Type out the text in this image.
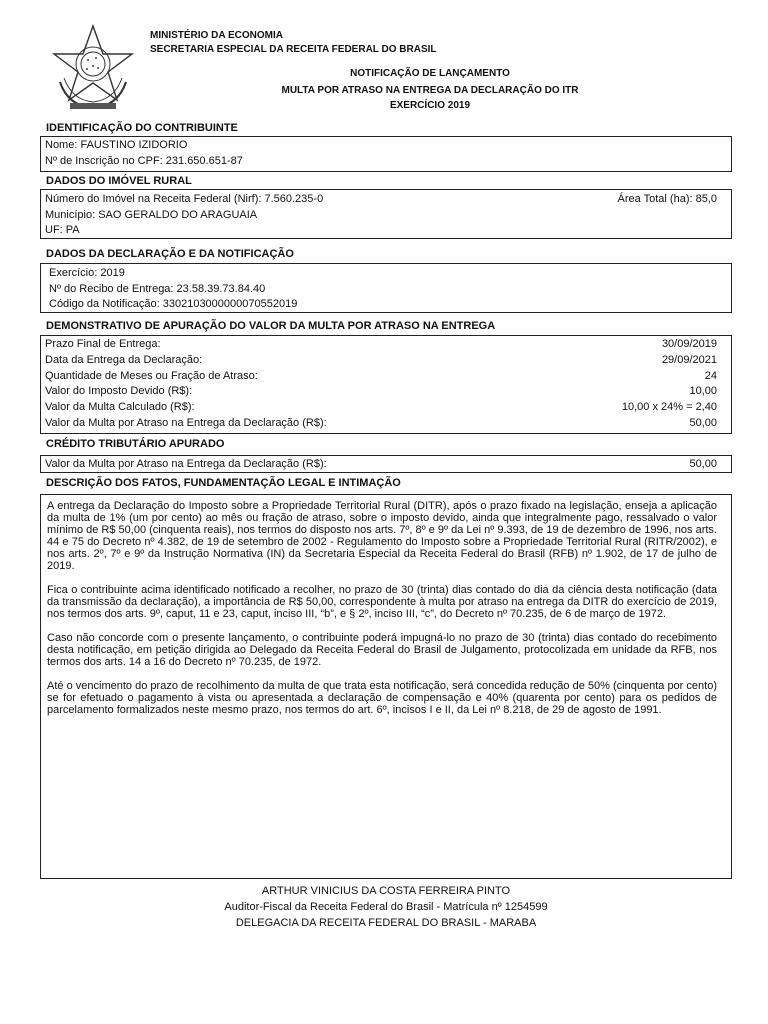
MINISTÉRIO DA ECONOMIA
SECRETARIA ESPECIAL DA RECEITA FEDERAL DO BRASIL
NOTIFICAÇÃO DE LANÇAMENTO
MULTA POR ATRASO NA ENTREGA DA DECLARAÇÃO DO ITR
EXERCÍCIO 2019
IDENTIFICAÇÃO DO CONTRIBUINTE
Nome: FAUSTINO IZIDORIO
Nº de Inscrição no CPF: 231.650.651-87
DADOS DO IMÓVEL RURAL
Número do Imóvel na Receita Federal (Nirf): 7.560.235-0	Área Total (ha): 85,0
Município: SAO GERALDO DO ARAGUAIA
UF: PA
DADOS DA DECLARAÇÃO E DA NOTIFICAÇÃO
Exercício: 2019
Nº do Recibo de Entrega: 23.58.39.73.84.40
Código da Notificação: 3302103000000070552019
DEMONSTRATIVO DE APURAÇÃO DO VALOR DA MULTA POR ATRASO NA ENTREGA
Prazo Final de Entrega:	30/09/2019
Data da Entrega da Declaração:	29/09/2021
Quantidade de Meses ou Fração de Atraso:	24
Valor do Imposto Devido (R$):	10,00
Valor da Multa Calculado (R$):	10,00 x 24% = 2,40
Valor da Multa por Atraso na Entrega da Declaração (R$):	50,00
CRÉDITO TRIBUTÁRIO APURADO
Valor da Multa por Atraso na Entrega da Declaração (R$):	50,00
DESCRIÇÃO DOS FATOS, FUNDAMENTAÇÃO LEGAL E INTIMAÇÃO

A entrega da Declaração do Imposto sobre a Propriedade Territorial Rural (DITR), após o prazo fixado na legislação, enseja a aplicação da multa de 1% (um por cento) ao mês ou fração de atraso, sobre o imposto devido, ainda que integralmente pago, ressalvado o valor mínimo de R$ 50,00 (cinquenta reais), nos termos do disposto nos arts. 7º, 8º e 9º da Lei nº 9.393, de 19 de dezembro de 1996, nos arts. 44 e 75 do Decreto nº 4.382, de 19 de setembro de 2002 - Regulamento do Imposto sobre a Propriedade Territorial Rural (RITR/2002), e nos arts. 2º, 7º e 9º da Instrução Normativa (IN) da Secretaria Especial da Receita Federal do Brasil (RFB) nº 1.902, de 17 de julho de 2019.

Fica o contribuinte acima identificado notificado a recolher, no prazo de 30 (trinta) dias contado do dia da ciência desta notificação (data da transmissão da declaração), a importância de R$ 50,00, correspondente à multa por atraso na entrega da DITR do exercício de 2019, nos termos dos arts. 9º, caput, 11 e 23, caput, inciso III, “b”, e § 2º, inciso III, “c”, do Decreto nº 70.235, de 6 de março de 1972.

Caso não concorde com o presente lançamento, o contribuinte poderá impugná-lo no prazo de 30 (trinta) dias contado do recebimento desta notificação, em petição dirigida ao Delegado da Receita Federal do Brasil de Julgamento, protocolizada em unidade da RFB, nos termos dos arts. 14 a 16 do Decreto nº 70.235, de 1972.

Até o vencimento do prazo de recolhimento da multa de que trata esta notificação, será concedida redução de 50% (cinquenta por cento) se for efetuado o pagamento à vista ou apresentada a declaração de compensação e 40% (quarenta por cento) para os pedidos de parcelamento formalizados neste mesmo prazo, nos termos do art. 6º, incisos I e II, da Lei nº 8.218, de 29 de agosto de 1991.

ARTHUR VINICIUS DA COSTA FERREIRA PINTO
Auditor-Fiscal da Receita Federal do Brasil - Matrícula nº 1254599
DELEGACIA DA RECEITA FEDERAL DO BRASIL - MARABA
